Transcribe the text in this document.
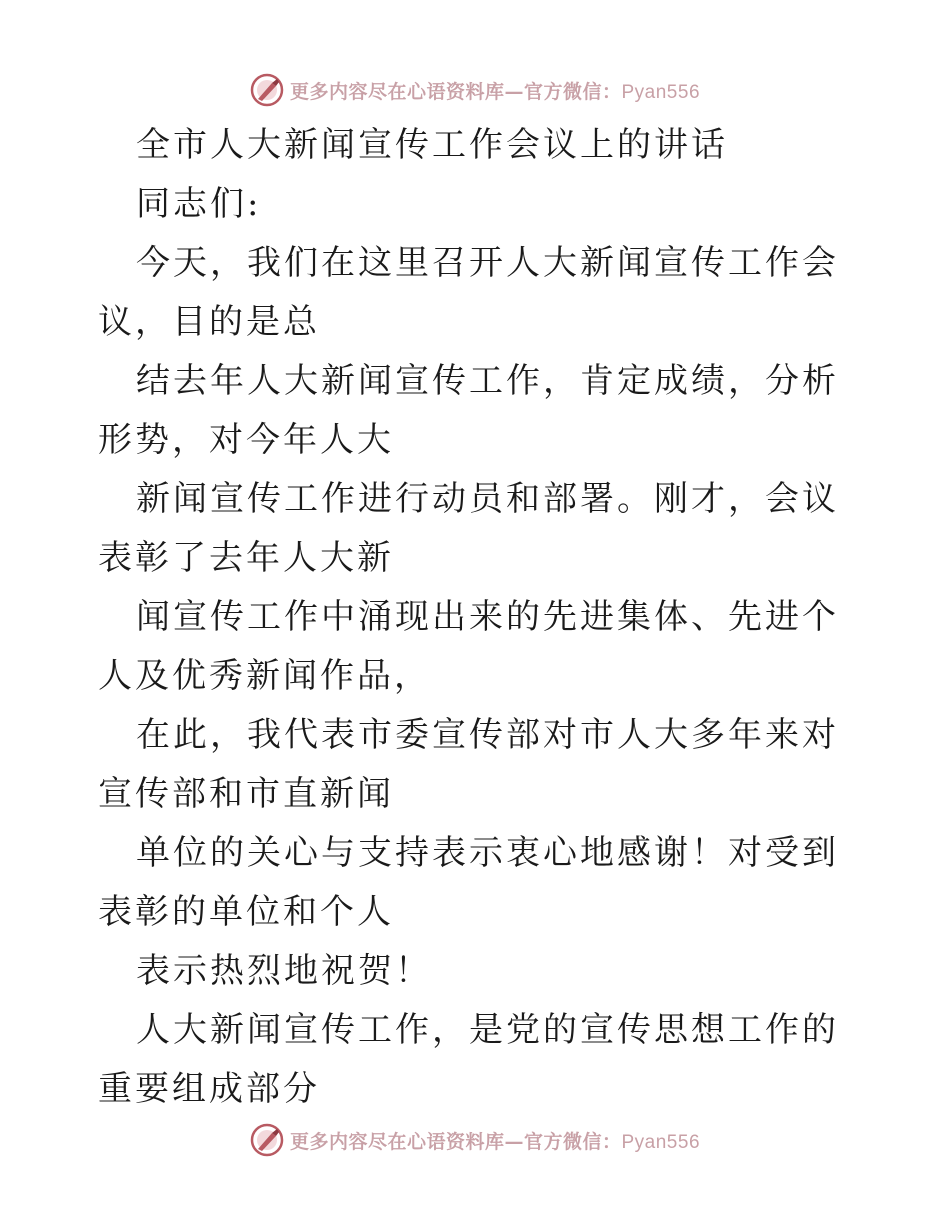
更多内容尽在心语资料库—官方微信：Pyan556

全市人大新闻宣传工作会议上的讲话

同志们:

今天，我们在这里召开人大新闻宣传工作会议，目的是总

结去年人大新闻宣传工作，肯定成绩，分析形势，对今年人大

新闻宣传工作进行动员和部署。刚才，会议表彰了去年人大新

闻宣传工作中涌现出来的先进集体、先进个人及优秀新闻作品，

在此，我代表市委宣传部对市人大多年来对宣传部和市直新闻

单位的关心与支持表示衷心地感谢！对受到表彰的单位和个人

表示热烈地祝贺！

人大新闻宣传工作，是党的宣传思想工作的重要组成部分

更多内容尽在心语资料库—官方微信：Pyan556
